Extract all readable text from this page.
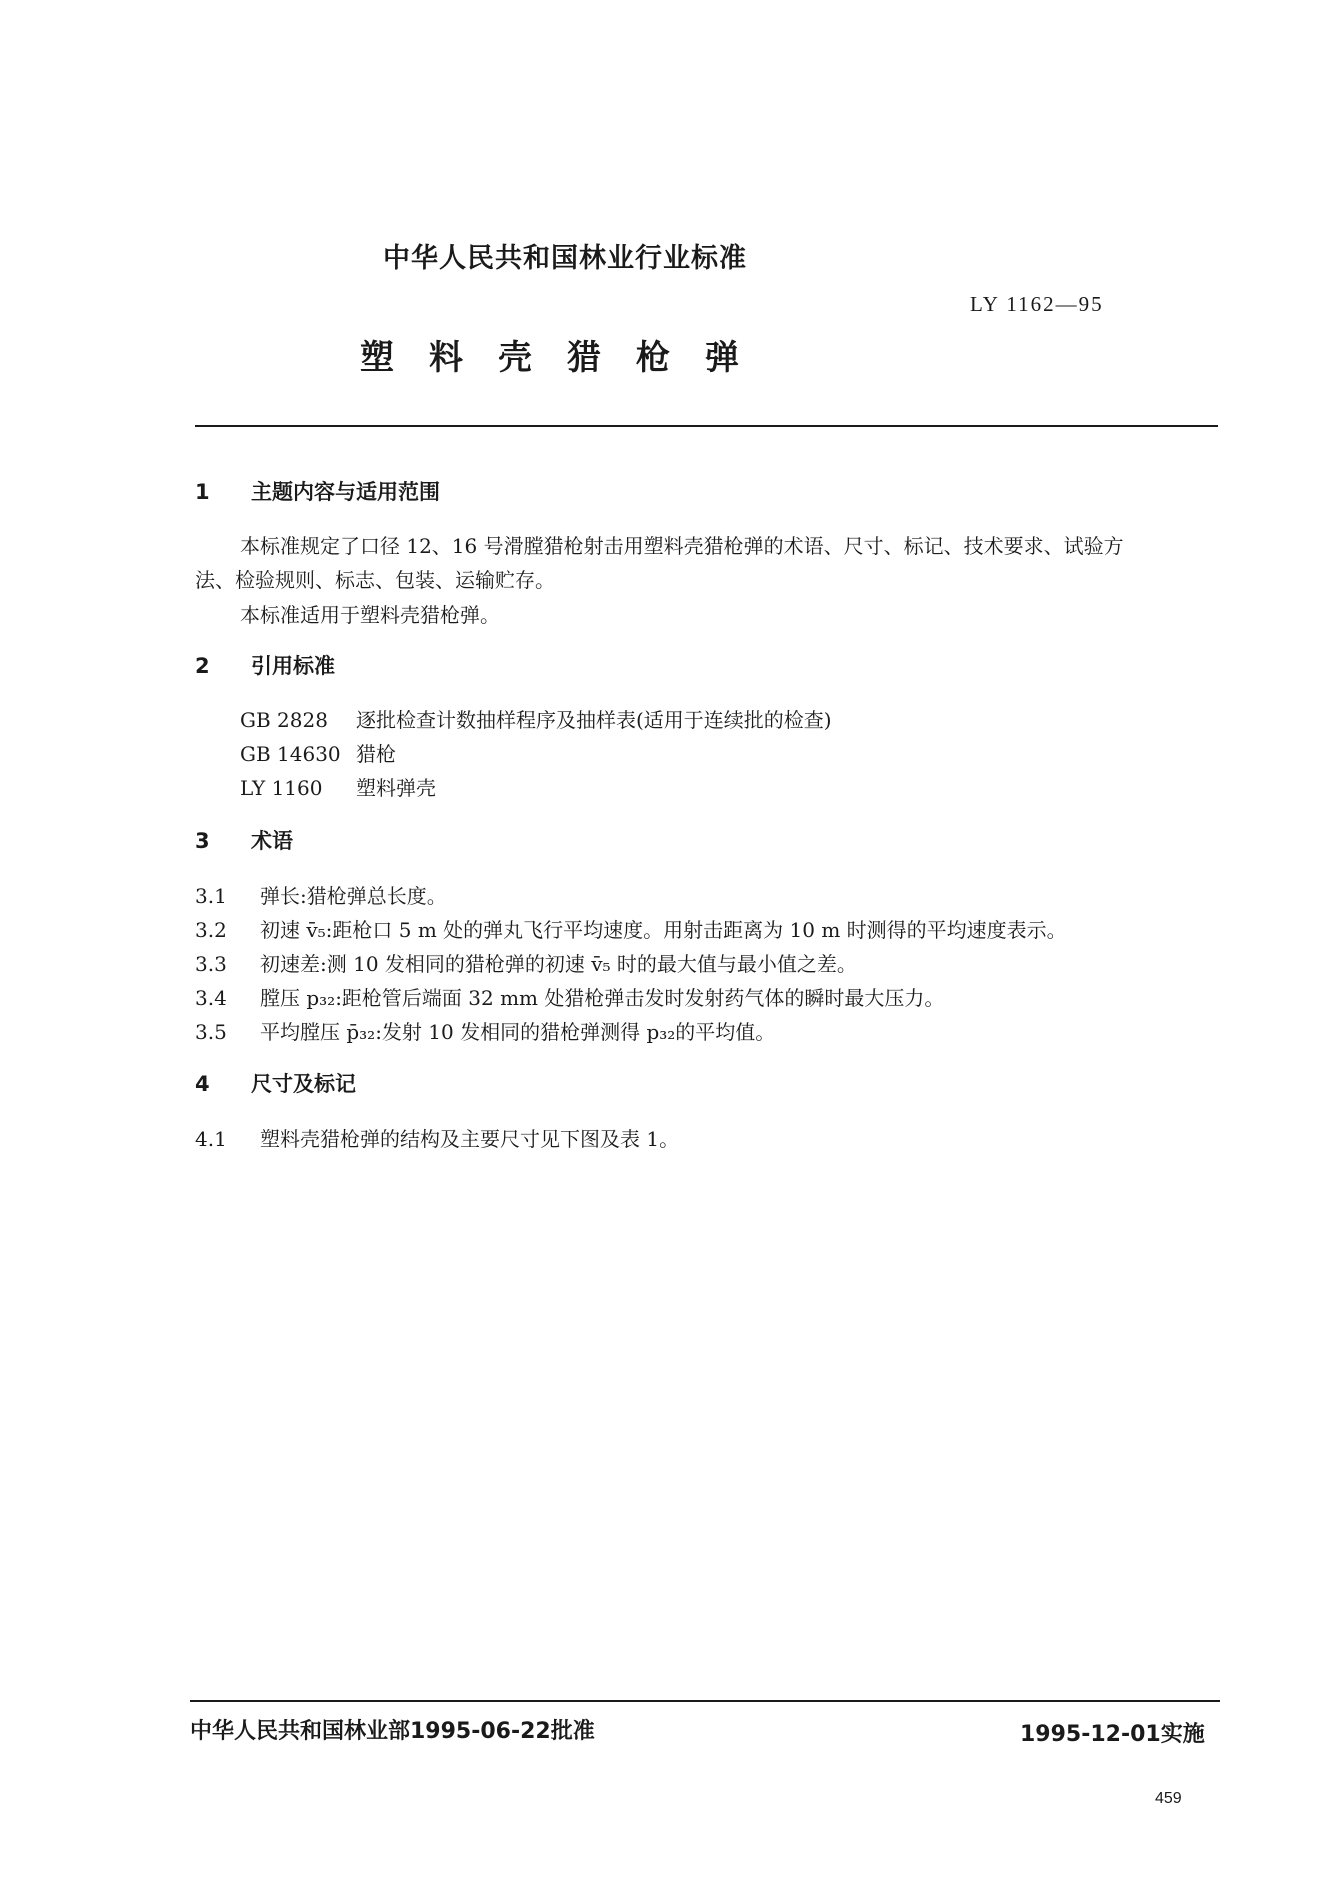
中华人民共和国林业行业标准
LY 1162—95
塑料壳猎枪弹
1 主题内容与适用范围
本标准规定了口径 12、16 号滑膛猎枪射击用塑料壳猎枪弹的术语、尺寸、标记、技术要求、试验方
法、检验规则、标志、包装、运输贮存。
本标准适用于塑料壳猎枪弹。
2 引用标准
GB 2828 逐批检查计数抽样程序及抽样表(适用于连续批的检查)
GB 14630 猎枪
LY 1160 塑料弹壳
3 术语
3.1 弹长:猎枪弹总长度。
3.2 初速 v̄₅:距枪口 5 m 处的弹丸飞行平均速度。用射击距离为 10 m 时测得的平均速度表示。
3.3 初速差:测 10 发相同的猎枪弹的初速 v̄₅ 时的最大值与最小值之差。
3.4 膛压 p₃₂:距枪管后端面 32 mm 处猎枪弹击发时发射药气体的瞬时最大压力。
3.5 平均膛压 p̄₃₂:发射 10 发相同的猎枪弹测得 p₃₂的平均值。
4 尺寸及标记
4.1 塑料壳猎枪弹的结构及主要尺寸见下图及表 1。
中华人民共和国林业部1995-06-22批准	1995-12-01实施
459
